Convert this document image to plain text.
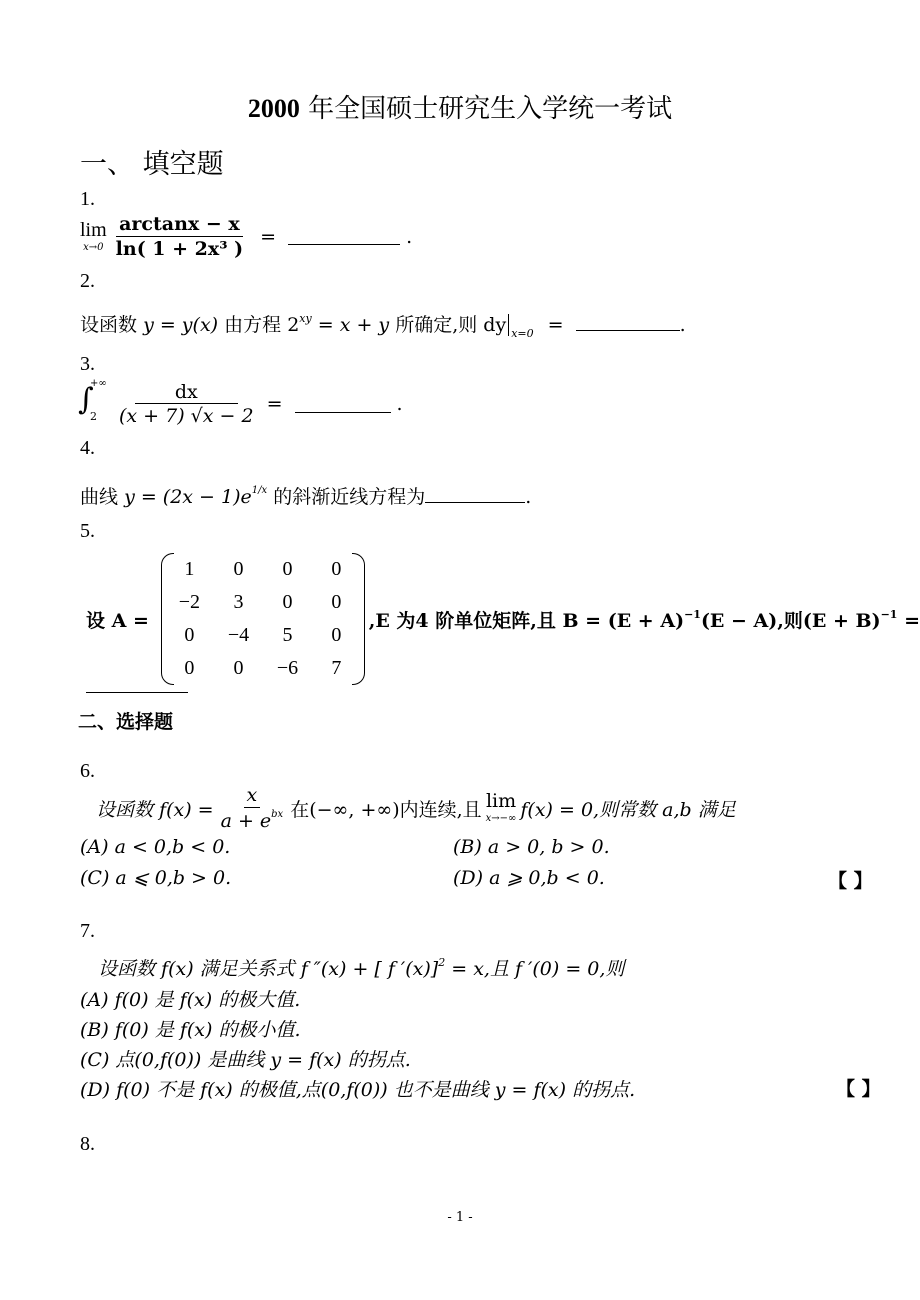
2000 年全国硕士研究生入学统一考试
一、 填空题
1.
lim
$x\to 0 \frac{\arctan x - x}{\text{ln( 1 + 2x³ )}}$ =	.
2.
设函数 y = y(x) 由方程 $2^{xy} = x + y$ 所确定,则 dy $_{x=0}$ =	.
3.
∫
+∞
$2 \frac{dx}{(x + 7) √x - 2}$ =	.
4.
曲线 $y = (2x - 1)e^{1/x}$ 的斜渐近线方程为	.
5.
设 A =
1	0	0	0
−2	3	0	0
0	−4	5	0
0	0	−6	7
,E 为4 阶单位矩阵,且 $B = (E + A)^{-1}(E - A)$,则$(E + B)^{-1}$ =
二、选择题
6.
设函数 $f(x) = \frac{x}{a + e^{bx}}$ 在(−∞, +∞)内连续,且 lim
x→−∞ f(x) = 0,则常数 a,b 满足
(A) a < 0,b < 0.	(B) a > 0, b > 0.
(C) a ⩽ 0,b > 0.	(D) a ⩾ 0,b < 0.	【 】
7.
设函数 f(x) 满足关系式 f ″(x) + [ f ′(x)]$^2$ = x,且 f ′(0) = 0,则
(A) f(0) 是 f(x) 的极大值.
(B) f(0) 是 f(x) 的极小值.
(C) 点(0,f(0)) 是曲线 y = f(x) 的拐点.
(D) f(0) 不是 f(x) 的极值,点(0,f(0)) 也不是曲线 y = f(x) 的拐点.	【 】
8.
- 1 -
